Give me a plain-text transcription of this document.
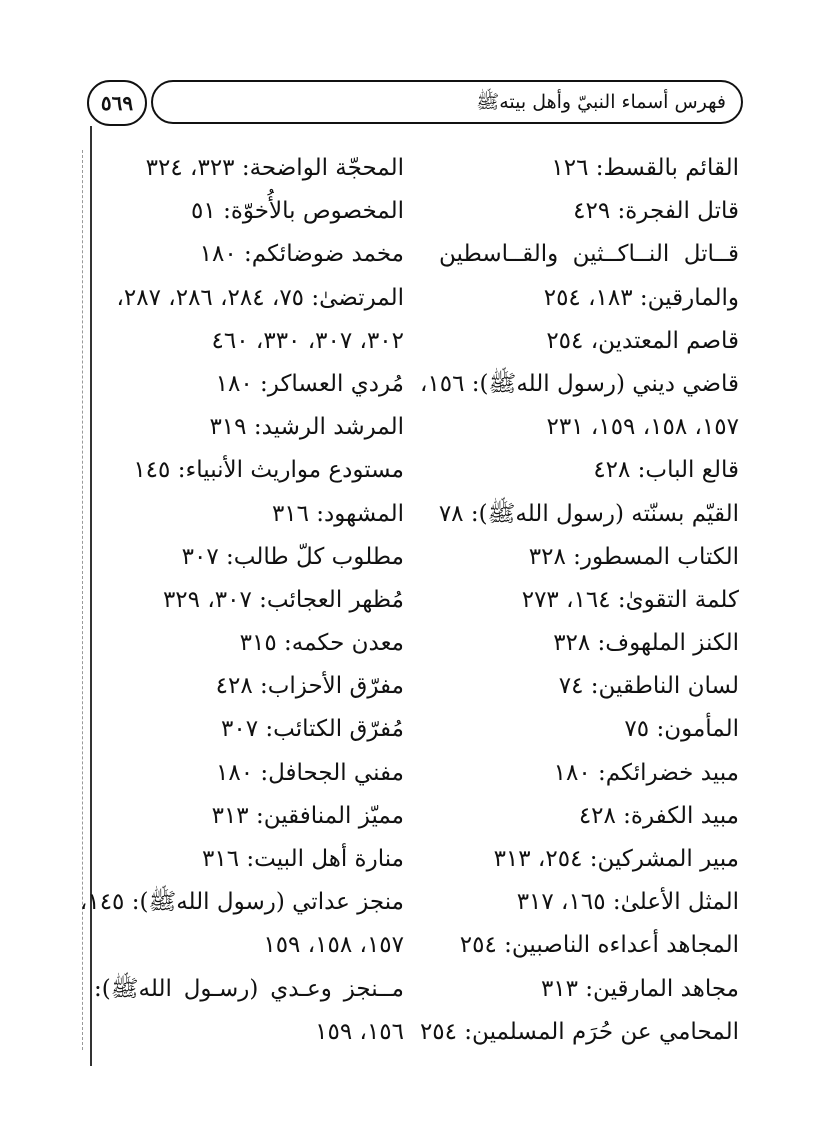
فهرس أسماء النبيّ وأهل بيتهﷺ
٥٦٩
القائم بالقسط: ١٢٦
قاتل الفجرة: ٤٢٩
قــاتل النــاكــثين والقــاسطين
والمارقين: ١٨٣، ٢٥٤
قاصم المعتدين، ٢٥٤
قاضي ديني (رسول اللهﷺ): ١٥٦،
١٥٧، ١٥٨، ١٥٩، ٢٣١
قالع الباب: ٤٢٨
القيّم بسنّته (رسول اللهﷺ): ٧٨
الكتاب المسطور: ٣٢٨
كلمة التقوىٰ: ١٦٤، ٢٧٣
الكنز الملهوف: ٣٢٨
لسان الناطقين: ٧٤
المأمون: ٧٥
مبيد خضرائكم: ١٨٠
مبيد الكفرة: ٤٢٨
مبير المشركين: ٢٥٤، ٣١٣
المثل الأعلىٰ: ١٦٥، ٣١٧
المجاهد أعداءه الناصبين: ٢٥٤
مجاهد المارقين: ٣١٣
المحامي عن حُرَم المسلمين: ٢٥٤
المحجّة الواضحة: ٣٢٣، ٣٢٤
المخصوص بالأُخوّة: ٥١
مخمد ضوضائكم: ١٨٠
المرتضىٰ: ٧٥، ٢٨٤، ٢٨٦، ٢٨٧،
٣٠٢، ٣٠٧، ٣٣٠، ٤٦٠
مُردي العساكر: ١٨٠
المرشد الرشيد: ٣١٩
مستودع مواريث الأنبياء: ١٤٥
المشهود: ٣١٦
مطلوب كلّ طالب: ٣٠٧
مُظهر العجائب: ٣٠٧، ٣٢٩
معدن حكمه: ٣١٥
مفرّق الأحزاب: ٤٢٨
مُفرّق الكتائب: ٣٠٧
مفني الجحافل: ١٨٠
مميّز المنافقين: ٣١٣
منارة أهل البيت: ٣١٦
منجز عداتي (رسول اللهﷺ): ١٤٥،
١٥٧، ١٥٨، ١٥٩
مــنجز وعـدي (رسـول اللهﷺ):
١٥٦، ١٥٩
